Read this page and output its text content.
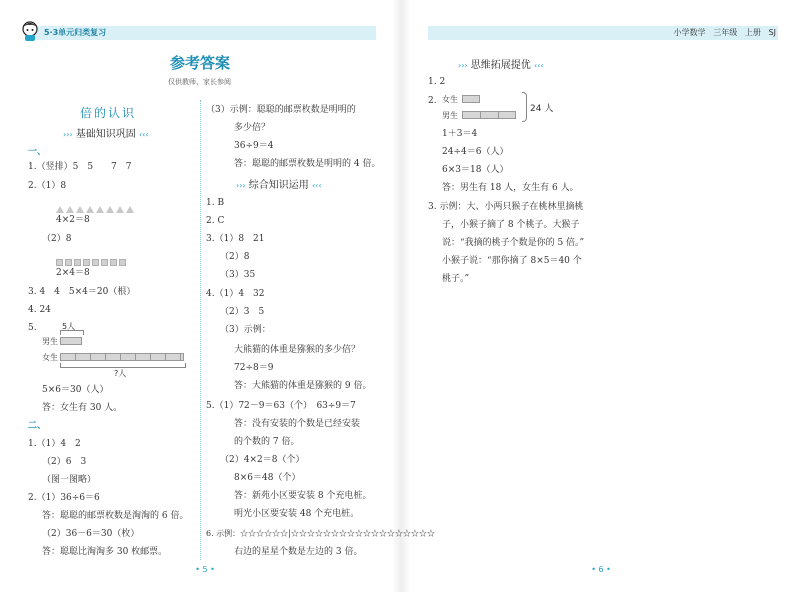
5·3单元归类复习	小学数学 三年级 上册 SJ
参考答案
仅供教师、家长参阅
倍的认识
››› 基础知识巩固 ‹‹‹
一、
1.（竖排）5　5　　7　7
2.（1）8
4×2＝8
（2）8
2×4＝8
3. 4　4　5×4＝20（根）
4. 24
5.	5人
男生
女生
?人
5×6＝30（人）
答：女生有 30 人。
二、
1.（1）4　2
（2）6　3
（图一图略）
2.（1）36÷6＝6
答：聪聪的邮票枚数是淘淘的 6 倍。
（2）36－6＝30（枚）
答：聪聪比淘淘多 30 枚邮票。
（3）示例：聪聪的邮票枚数是明明的
多少倍？
36÷9＝4
答：聪聪的邮票枚数是明明的 4 倍。
››› 综合知识运用 ‹‹‹
1. B
2. C
3.（1）8　21
（2）8
（3）35
4.（1）4　32
（2）3　5
（3）示例：
大熊猫的体重是猕猴的多少倍？
72÷8＝9
答：大熊猫的体重是猕猴的 9 倍。
5.（1）72－9＝63（个）　63÷9＝7
答：没有安装的个数是已经安装
的个数的 7 倍。
（2）4×2＝8（个）
8×6＝48（个）
答：新苑小区要安装 8 个充电桩。
明光小区要安装 48 个充电桩。
6. 示例：☆☆☆☆☆☆|☆☆☆☆☆☆☆☆☆☆☆☆☆☆☆☆☆☆
右边的星星个数是左边的 3 倍。
• 5 •
››› 思维拓展提优 ‹‹‹
1. 2
2. 女生
男生
24 人
1＋3＝4
24÷4＝6（人）
6×3＝18（人）
答：男生有 18 人，女生有 6 人。
3. 示例：大、小两只猴子在桃林里摘桃
子，小猴子摘了 8 个桃子。大猴子
说：“我摘的桃子个数是你的 5 倍。”
小猴子说：“那你摘了 8×5＝40 个
桃子。”
• 6 •
